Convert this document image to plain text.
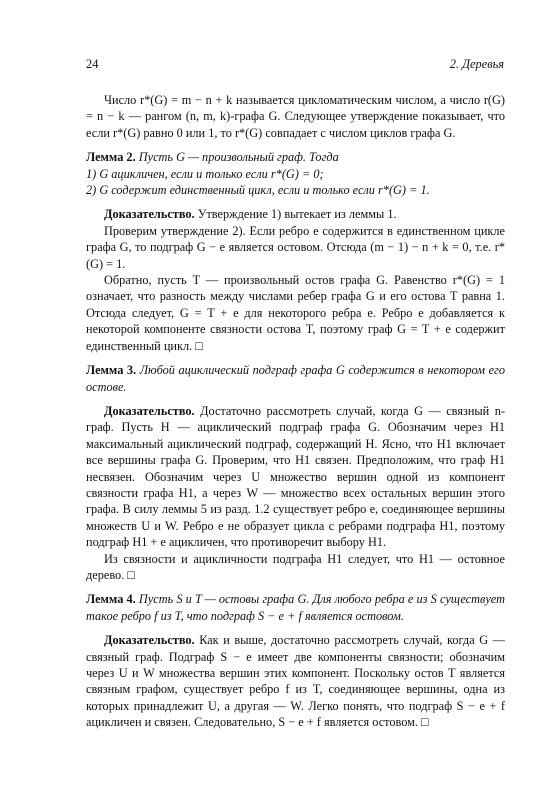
24	2. Деревья

Число r*(G) = m − n + k называется цикломатическим числом, а число r(G) = n − k — рангом (n, m, k)-графа G. Следующее утверждение показывает, что если r*(G) равно 0 или 1, то r*(G) совпадает с числом циклов графа G.

Лемма 2. Пусть G — произвольный граф. Тогда

1) G ацикличен, если и только если r*(G) = 0;

2) G содержит единственный цикл, если и только если r*(G) = 1.

Доказательство. Утверждение 1) вытекает из леммы 1.

Проверим утверждение 2). Если ребро e содержится в единственном цикле графа G, то подграф G − e является остовом. Отсюда (m − 1) − n + k = 0, т.е. r*(G) = 1.

Обратно, пусть T — произвольный остов графа G. Равенство r*(G) = 1 означает, что разность между числами ребер графа G и его остова T равна 1. Отсюда следует, G = T + e для некоторого ребра e. Ребро e добавляется к некоторой компоненте связности остова T, поэтому граф G = T + e содержит единственный цикл. □

Лемма 3. Любой ациклический подграф графа G содержится в некотором его остове.

Доказательство. Достаточно рассмотреть случай, когда G — связный n-граф. Пусть H — ациклический подграф графа G. Обозначим через H1 максимальный ациклический подграф, содержащий H. Ясно, что H1 включает все вершины графа G. Проверим, что H1 связен. Предположим, что граф H1 несвязен. Обозначим через U множество вершин одной из компонент связности графа H1, а через W — множество всех остальных вершин этого графа. В силу леммы 5 из разд. 1.2 существует ребро e, соединяющее вершины множеств U и W. Ребро e не образует цикла с ребрами подграфа H1, поэтому подграф H1 + e ацикличен, что противоречит выбору H1.

Из связности и ацикличности подграфа H1 следует, что H1 — остовное дерево. □

Лемма 4. Пусть S и T — остовы графа G. Для любого ребра e из S существует такое ребро f из T, что подграф S − e + f является остовом.

Доказательство. Как и выше, достаточно рассмотреть случай, когда G — связный граф. Подграф S − e имеет две компоненты связности; обозначим через U и W множества вершин этих компонент. Поскольку остов T является связным графом, существует ребро f из T, соединяющее вершины, одна из которых принадлежит U, а другая — W. Легко понять, что подграф S − e + f ацикличен и связен. Следовательно, S − e + f является остовом. □
